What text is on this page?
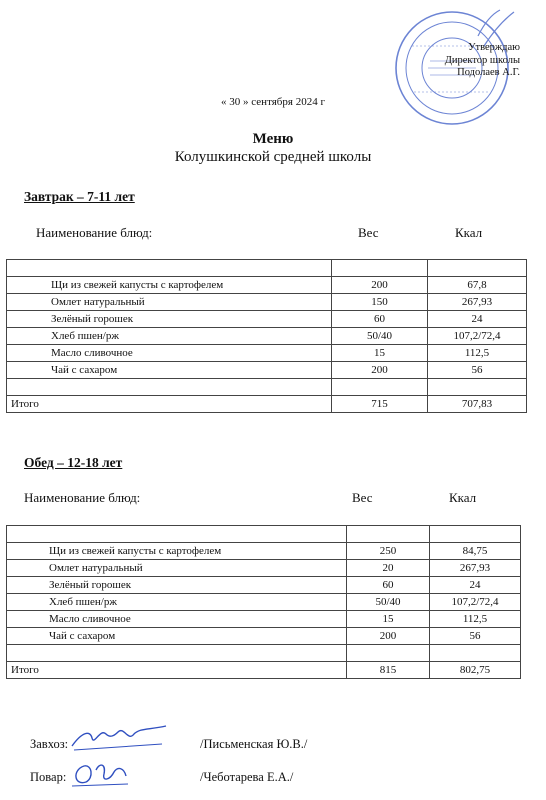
Утверждаю
Директор школы
Подолаев А.Г.
« 30 » сентября 2024 г
Меню
Колушкинской средней школы
Завтрак – 7-11 лет
Наименование блюд:	Вес	Ккал

Щи из свежей капусты с картофелем	200	67,8
Омлет натуральный	150	267,93
Зелёный горошек	60	24
Хлеб пшен/рж	50/40	107,2/72,4
Масло сливочное	15	112,5
Чай с сахаром	200	56

Итого	715	707,83
Обед – 12-18 лет
Наименование блюд:	Вес	Ккал

Щи из свежей капусты с картофелем	250	84,75
Омлет натуральный	20	267,93
Зелёный горошек	60	24
Хлеб пшен/рж	50/40	107,2/72,4
Масло сливочное	15	112,5
Чай с сахаром	200	56

Итого	815	802,75
Завхоз:	/Письменская Ю.В./
Повар:	/Чеботарева Е.А./
